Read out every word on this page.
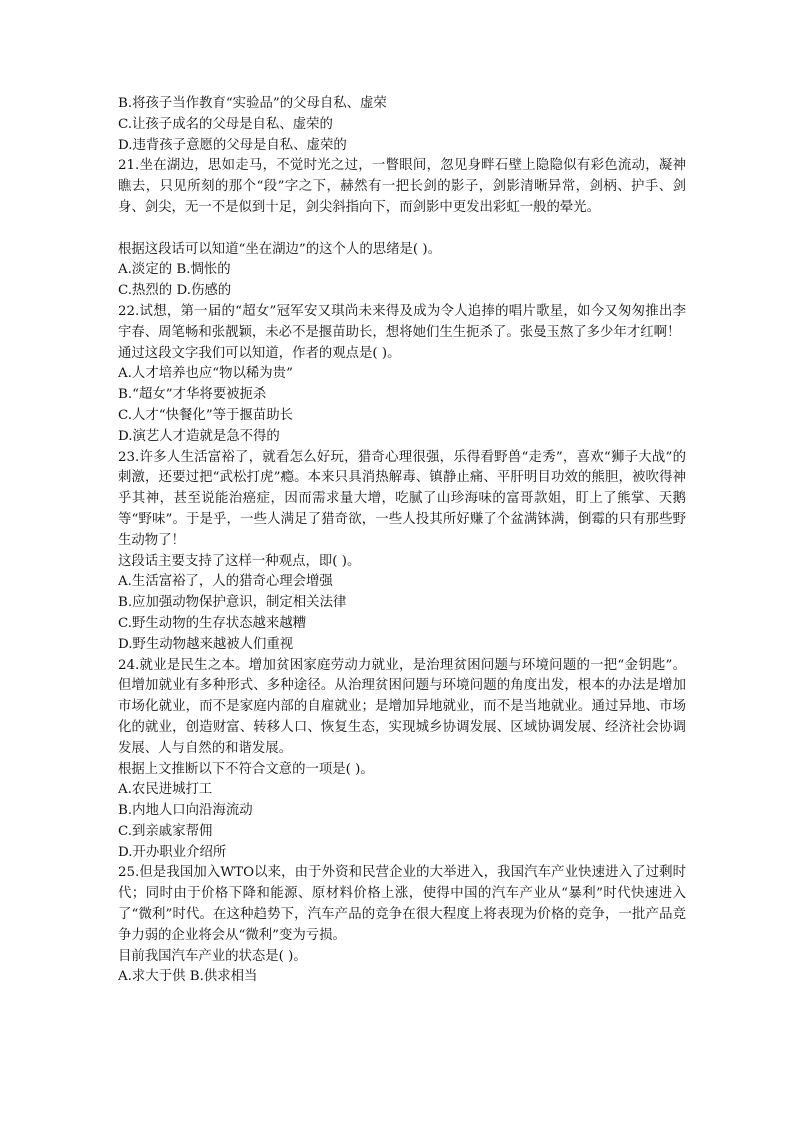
B.将孩子当作教育“实验品”的父母自私、虚荣
C.让孩子成名的父母是自私、虚荣的
D.违背孩子意愿的父母是自私、虚荣的
21.坐在湖边，思如走马，不觉时光之过，一瞥眼间，忽见身畔石壁上隐隐似有彩色流动，凝神瞧去，只见所刻的那个“段”字之下，赫然有一把长剑的影子，剑影清晰异常，剑柄、护手、剑身、剑尖，无一不是似到十足，剑尖斜指向下，而剑影中更发出彩虹一般的晕光。
根据这段话可以知道“坐在湖边”的这个人的思绪是( )。
A.淡定的 B.惆怅的
C.热烈的 D.伤感的
22.试想，第一届的“超女”冠军安又琪尚未来得及成为令人追捧的唱片歌星，如今又匆匆推出李宇春、周笔畅和张靓颖，未必不是揠苗助长，想将她们生生扼杀了。张曼玉熬了多少年才红啊！
通过这段文字我们可以知道，作者的观点是( )。
A.人才培养也应“物以稀为贵”
B.“超女”才华将要被扼杀
C.人才“快餐化”等于揠苗助长
D.演艺人才造就是急不得的
23.许多人生活富裕了，就看怎么好玩，猎奇心理很强，乐得看野兽“走秀”，喜欢“狮子大战”的刺激，还要过把“武松打虎”瘾。本来只具消热解毒、镇静止痛、平肝明目功效的熊胆，被吹得神乎其神，甚至说能治癌症，因而需求量大增，吃腻了山珍海味的富哥款姐，盯上了熊掌、天鹅等“野味”。于是乎，一些人满足了猎奇欲，一些人投其所好赚了个盆满钵满，倒霉的只有那些野生动物了！
这段话主要支持了这样一种观点，即( )。
A.生活富裕了，人的猎奇心理会增强
B.应加强动物保护意识，制定相关法律
C.野生动物的生存状态越来越糟
D.野生动物越来越被人们重视
24.就业是民生之本。增加贫困家庭劳动力就业，是治理贫困问题与环境问题的一把“金钥匙”。但增加就业有多种形式、多种途径。从治理贫困问题与环境问题的角度出发，根本的办法是增加市场化就业，而不是家庭内部的自雇就业；是增加异地就业，而不是当地就业。通过异地、市场化的就业，创造财富、转移人口、恢复生态，实现城乡协调发展、区域协调发展、经济社会协调发展、人与自然的和谐发展。
根据上文推断以下不符合文意的一项是( )。
A.农民进城打工
B.内地人口向沿海流动
C.到亲戚家帮佣
D.开办职业介绍所
25.但是我国加入WTO以来，由于外资和民营企业的大举进入，我国汽车产业快速进入了过剩时代；同时由于价格下降和能源、原材料价格上涨，使得中国的汽车产业从“暴利”时代快速进入了“微利”时代。在这种趋势下，汽车产品的竞争在很大程度上将表现为价格的竞争，一批产品竞争力弱的企业将会从“微利”变为亏损。
目前我国汽车产业的状态是( )。
A.求大于供 B.供求相当
